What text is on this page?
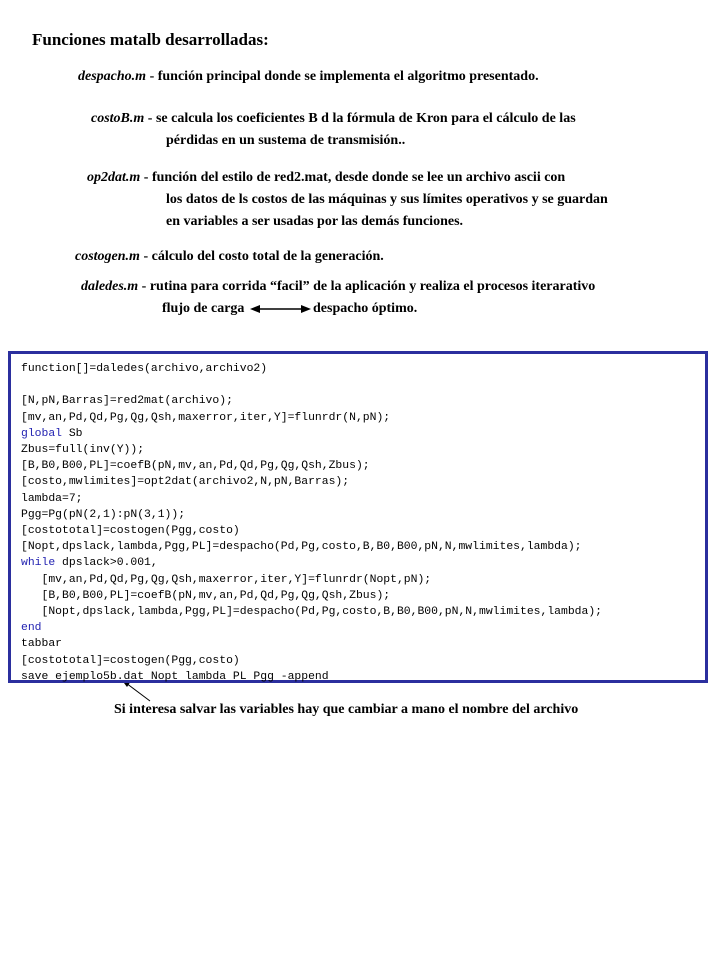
Funciones matalb desarrolladas:
despacho.m - función principal donde se implementa el algoritmo presentado.
costoB.m - se calcula los coeficientes B d la fórmula de Kron para el cálculo de las
pérdidas en un sustema de transmisión..
op2dat.m - función del estilo de red2.mat, desde donde se lee un archivo ascii con
los datos de ls costos de las máquinas y sus límites operativos y se guardan
en variables a ser usadas por las demás funciones.
costogen.m - cálculo del costo total de la generación.
daledes.m - rutina para corrida “facil” de la aplicación y realiza el procesos iterarativo
flujo de carga	despacho óptimo.
function[]=daledes(archivo,archivo2)

[N,pN,Barras]=red2mat(archivo);
[mv,an,Pd,Qd,Pg,Qg,Qsh,maxerror,iter,Y]=flunrdr(N,pN);
global Sb
Zbus=full(inv(Y));
[B,B0,B00,PL]=coefB(pN,mv,an,Pd,Qd,Pg,Qg,Qsh,Zbus);
[costo,mwlimites]=opt2dat(archivo2,N,pN,Barras);
lambda=7;
Pgg=Pg(pN(2,1):pN(3,1));
[costototal]=costogen(Pgg,costo)
[Nopt,dpslack,lambda,Pgg,PL]=despacho(Pd,Pg,costo,B,B0,B00,pN,N,mwlimites,lambda);
while dpslack>0.001,
[mv,an,Pd,Qd,Pg,Qg,Qsh,maxerror,iter,Y]=flunrdr(Nopt,pN);
[B,B0,B00,PL]=coefB(pN,mv,an,Pd,Qd,Pg,Qg,Qsh,Zbus);
[Nopt,dpslack,lambda,Pgg,PL]=despacho(Pd,Pg,costo,B,B0,B00,pN,N,mwlimites,lambda);
end
tabbar
[costototal]=costogen(Pgg,costo)
save ejemplo5b.dat Nopt lambda PL Pgg -append
Si interesa salvar las variables hay que cambiar a mano el nombre del archivo
